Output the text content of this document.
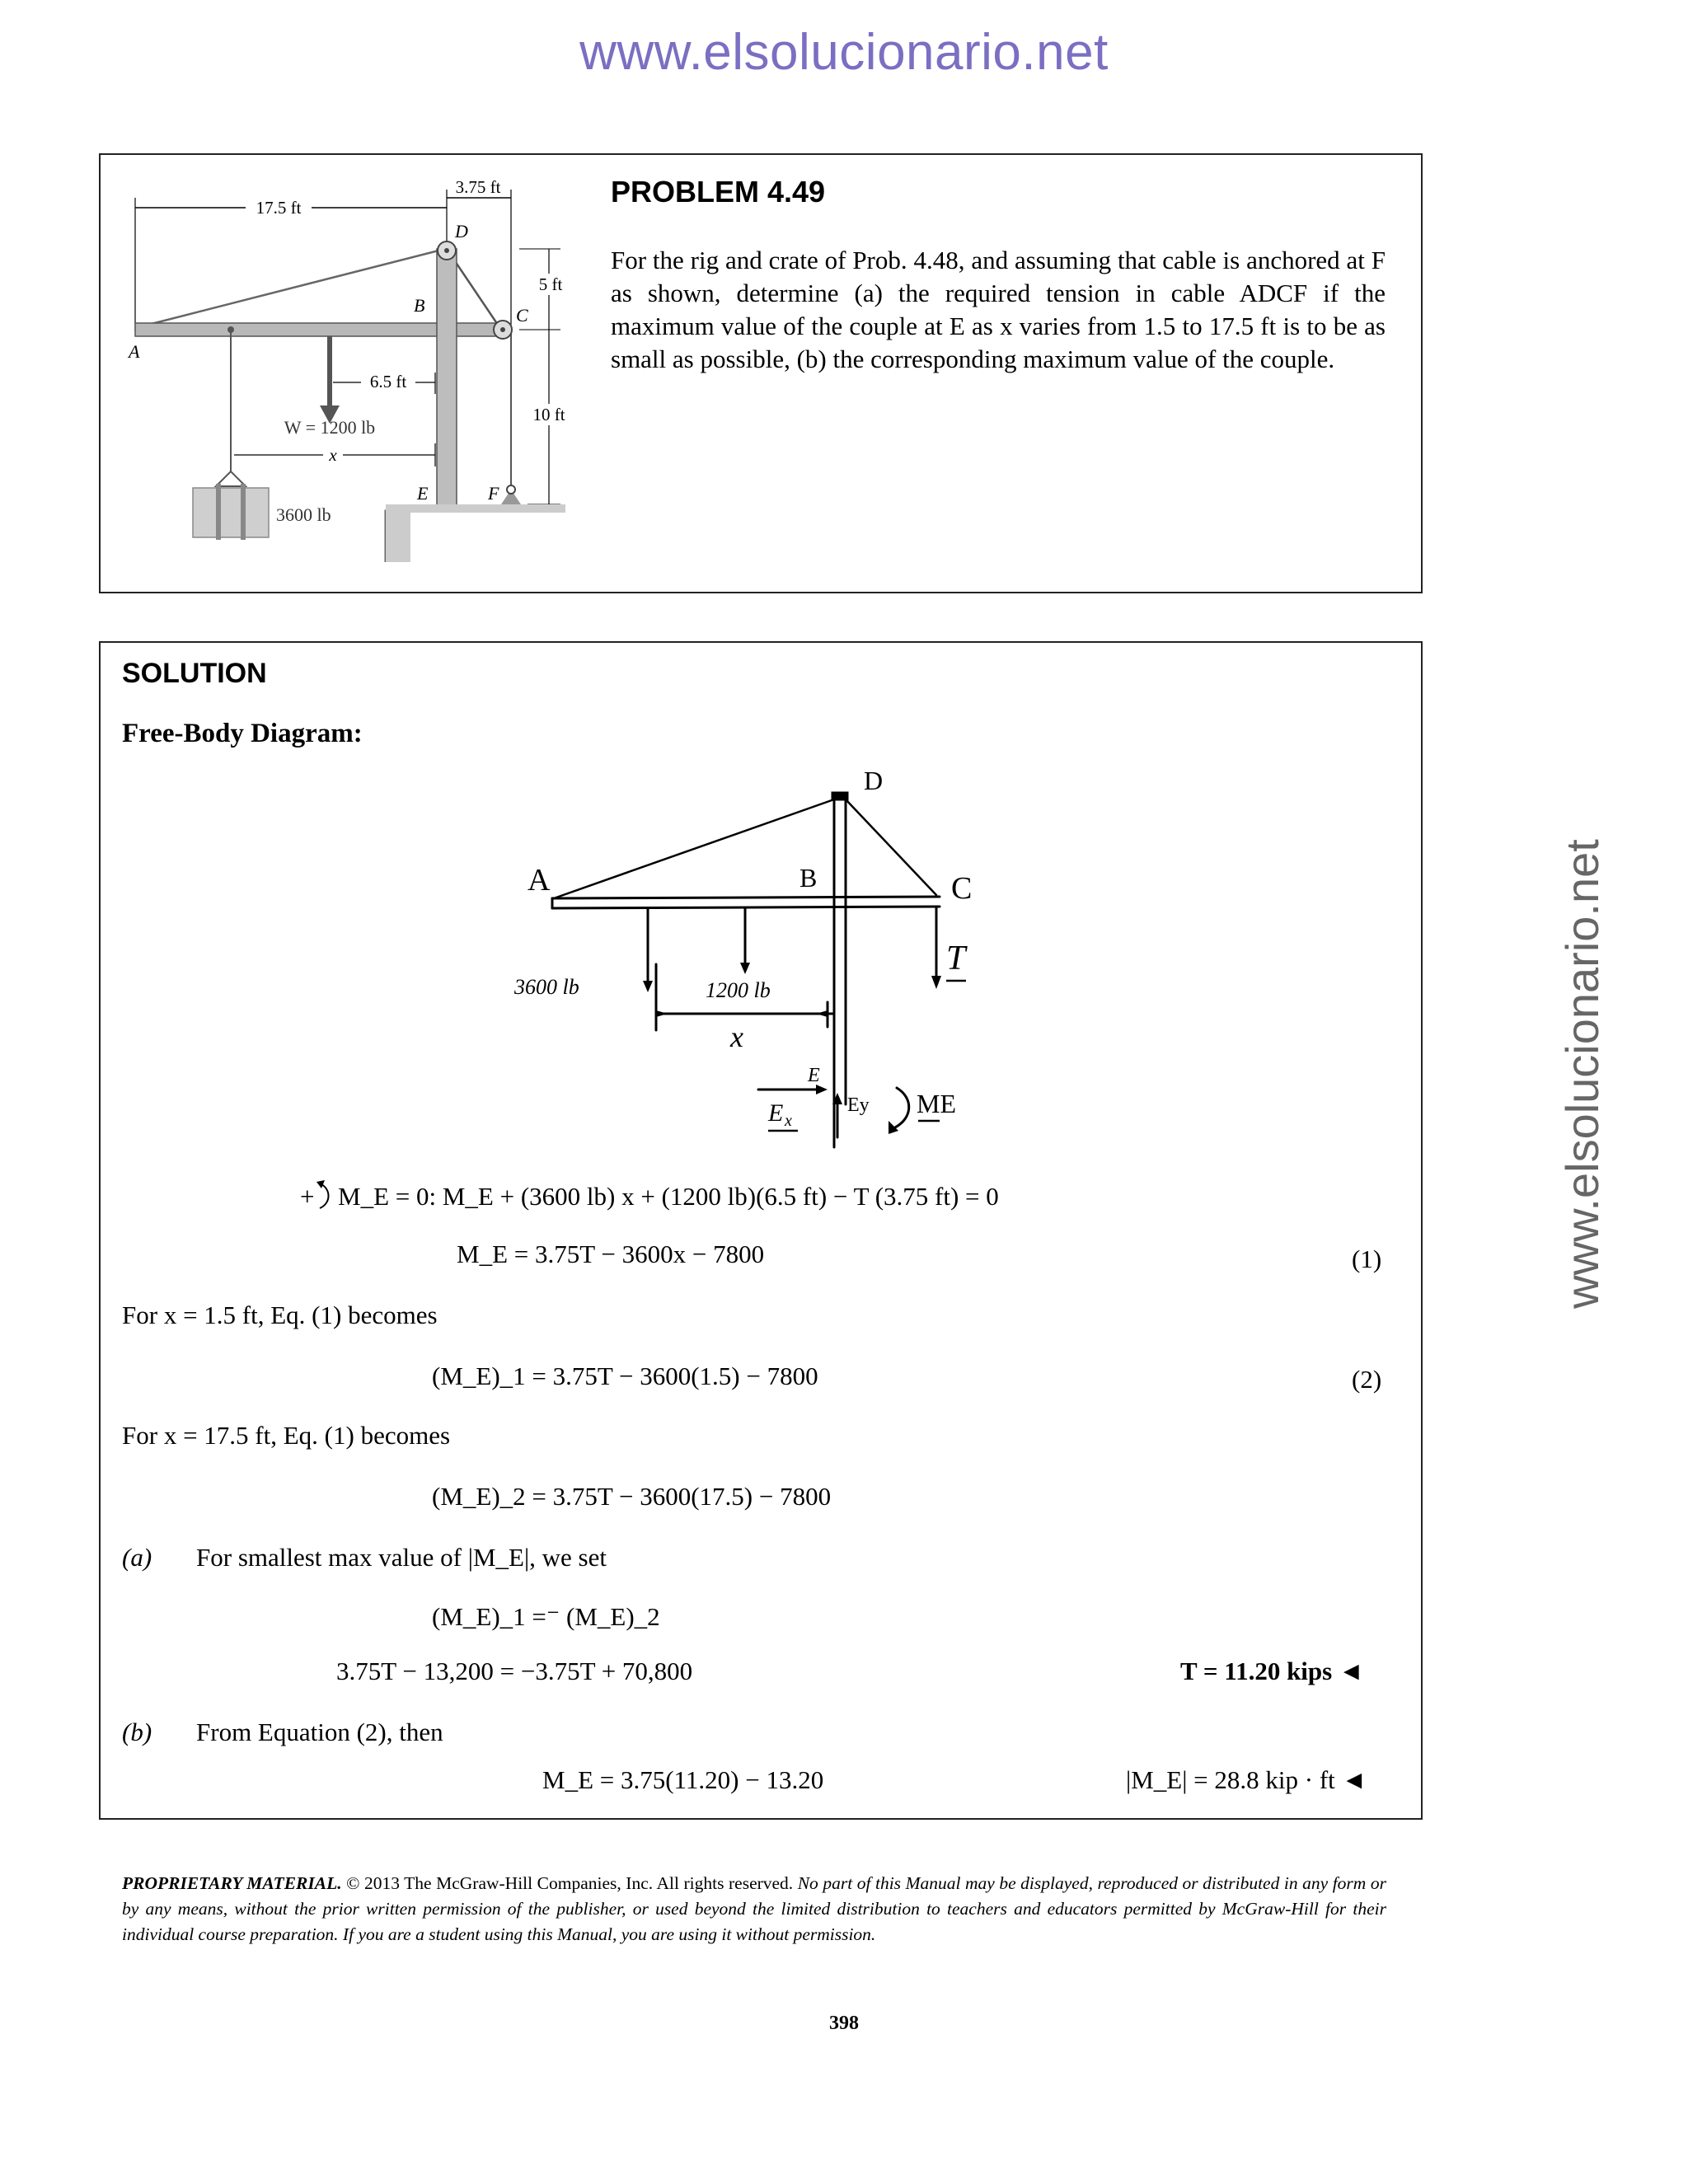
www.elsolucionario.net
www.elsolucionario.net
17.5 ft
3.75 ft
5 ft
10 ft
3600 lb
W = 1200 lb
6.5 ft
x
A
B	C
D
E	F
PROBLEM 4.49
For the rig and crate of Prob. 4.48, and assuming that cable is anchored at F as shown, determine (a) the required tension in cable ADCF if the maximum value of the couple at E as x varies from 1.5 to 17.5 ft is to be as small as possible, (b) the corresponding maximum value of the couple.
SOLUTION
Free-Body Diagram:
A	B	C
D
T
3600 lb	1200 lb
x
E
E x
Ey ME
+ M_E = 0: M_E + (3600 lb) x + (1200 lb)(6.5 ft) − T (3.75 ft) = 0
M_E = 3.75T − 3600x − 7800	(1)
For x = 1.5 ft, Eq. (1) becomes
(M_E)_1 = 3.75T − 3600(1.5) − 7800	(2)
For x = 17.5 ft, Eq. (1) becomes
(M_E)_2 = 3.75T − 3600(17.5) − 7800
(a) For smallest max value of |M_E|, we set
(M_E)_1 =⁻ (M_E)_2
3.75T − 13,200 = −3.75T + 70,800	T = 11.20 kips ◄
(b) From Equation (2), then
M_E = 3.75(11.20) − 13.20	|M_E| = 28.8 kip · ft ◄
PROPRIETARY MATERIAL. © 2013 The McGraw-Hill Companies, Inc. All rights reserved. No part of this Manual may be displayed, reproduced or distributed in any form or by any means, without the prior written permission of the publisher, or used beyond the limited distribution to teachers and educators permitted by McGraw-Hill for their individual course preparation. If you are a student using this Manual, you are using it without permission.
398
